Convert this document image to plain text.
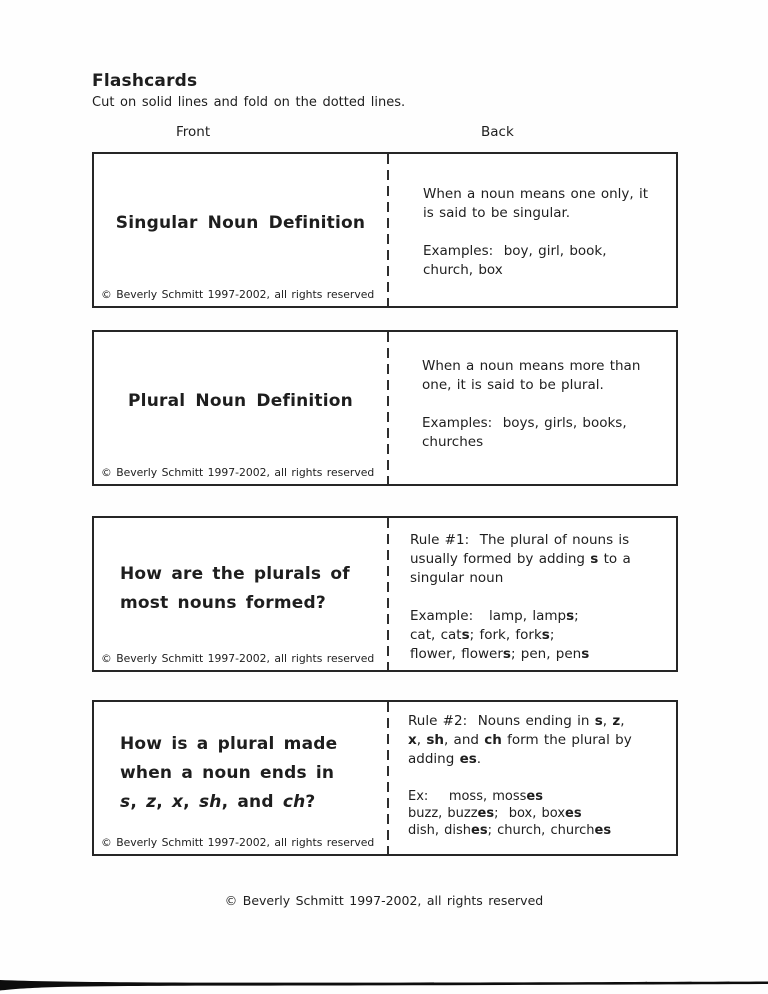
Flashcards

Cut on solid lines and fold on the dotted lines.

Front	Back
Singular Noun Definition
© Beverly Schmitt 1997-2002, all rights reserved

When a noun means one only, it
is said to be singular.

Examples:  boy, girl, book,
church, box

Plural Noun Definition
© Beverly Schmitt 1997-2002, all rights reserved

When a noun means more than
one, it is said to be plural.

Examples:  boys, girls, books,
churches

How are the plurals of
most nouns formed?
© Beverly Schmitt 1997-2002, all rights reserved

Rule #1:  The plural of nouns is
usually formed by adding s to a
singular noun

Example:   lamp, lamps;
cat, cats; fork, forks;
flower, flowers; pen, pens

How is a plural made
when a noun ends in
s, z, x, sh, and ch?
© Beverly Schmitt 1997-2002, all rights reserved

Rule #2:  Nouns ending in s, z,
x, sh, and ch form the plural by
adding es.

Ex:    moss, mosses
buzz, buzzes;  box, boxes
dish, dishes; church, churches

© Beverly Schmitt 1997-2002, all rights reserved
